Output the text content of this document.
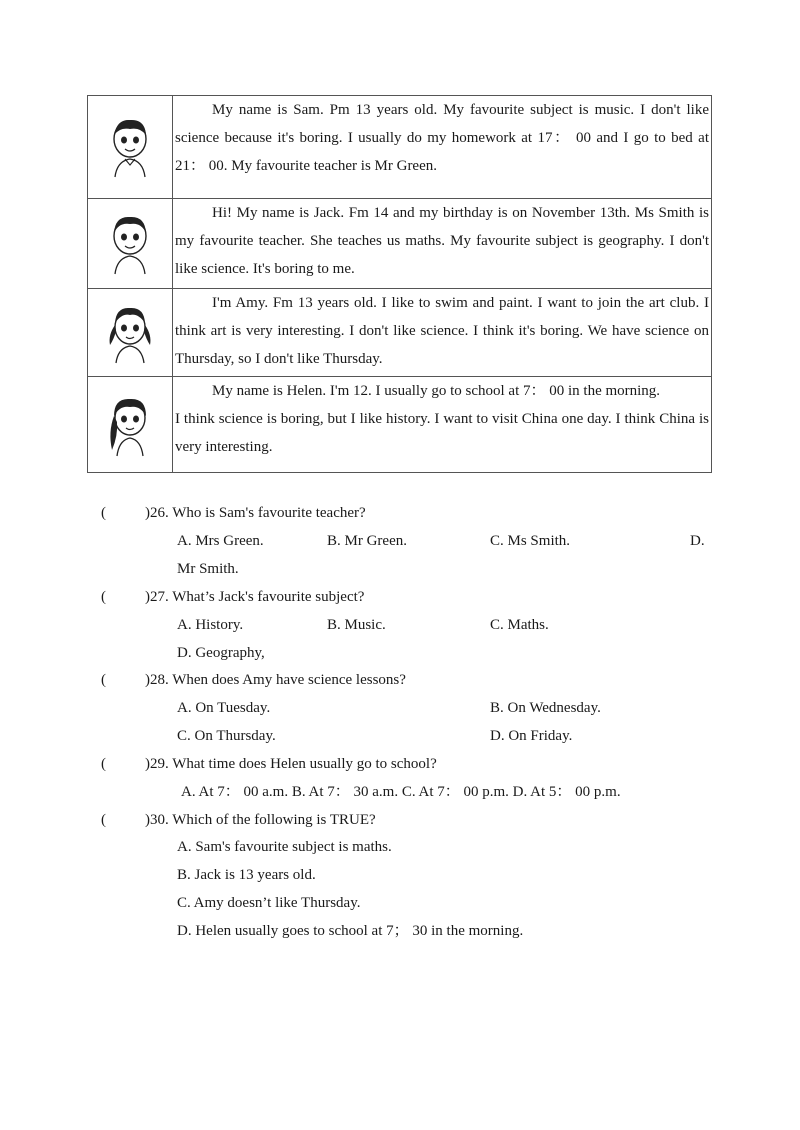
My name is Sam. Pm 13 years old. My favourite subject is music. I don't like science because it's boring. I usually do my homework at 17： 00 and I go to bed at 21： 00. My favourite teacher is Mr Green.

Hi! My name is Jack. Fm 14 and my birthday is on November 13th. Ms Smith is my favourite teacher. She teaches us maths. My favourite subject is geography. I don't like science. It's boring to me.

I'm Amy. Fm 13 years old. I like to swim and paint. I want to join the art club. I think art is very interesting. I don't like science. I think it's boring. We have science on Thursday, so I don't like Thursday.

My name is Helen. I'm 12. I usually go to school at 7： 00 in the morning.

I think science is boring, but I like history. I want to visit China one day. I think China is very interesting.

(	)26. Who is Sam's favourite teacher?
A. Mrs Green.	B. Mr Green.	C. Ms Smith.	D.
Mr Smith.
(	)27. What’s Jack's favourite subject?
A. History.	B. Music.	C. Maths.
D. Geography,
(	)28. When does Amy have science lessons?
A. On Tuesday.	B. On Wednesday.
C. On Thursday.	D. On Friday.
(	)29. What time does Helen usually go to school?
A. At 7： 00 a.m. B. At 7： 30 a.m. C. At 7： 00 p.m. D. At 5： 00 p.m.
(	)30. Which of the following is TRUE?
A. Sam's favourite subject is maths.
B. Jack is 13 years old.
C. Amy doesn’t like Thursday.
D. Helen usually goes to school at 7； 30 in the morning.
